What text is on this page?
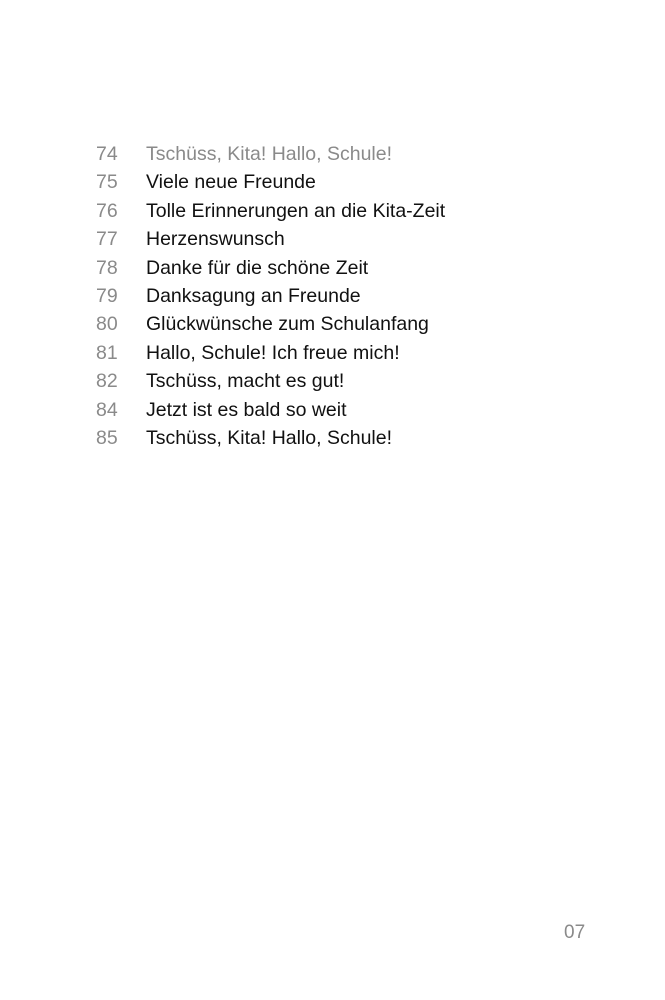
74	Tschüss, Kita! Hallo, Schule!
75	Viele neue Freunde
76	Tolle Erinnerungen an die Kita-Zeit
77	Herzenswunsch
78	Danke für die schöne Zeit
79	Danksagung an Freunde
80	Glückwünsche zum Schulanfang
81	Hallo, Schule! Ich freue mich!
82	Tschüss, macht es gut!
84	Jetzt ist es bald so weit
85	Tschüss, Kita! Hallo, Schule!
07
